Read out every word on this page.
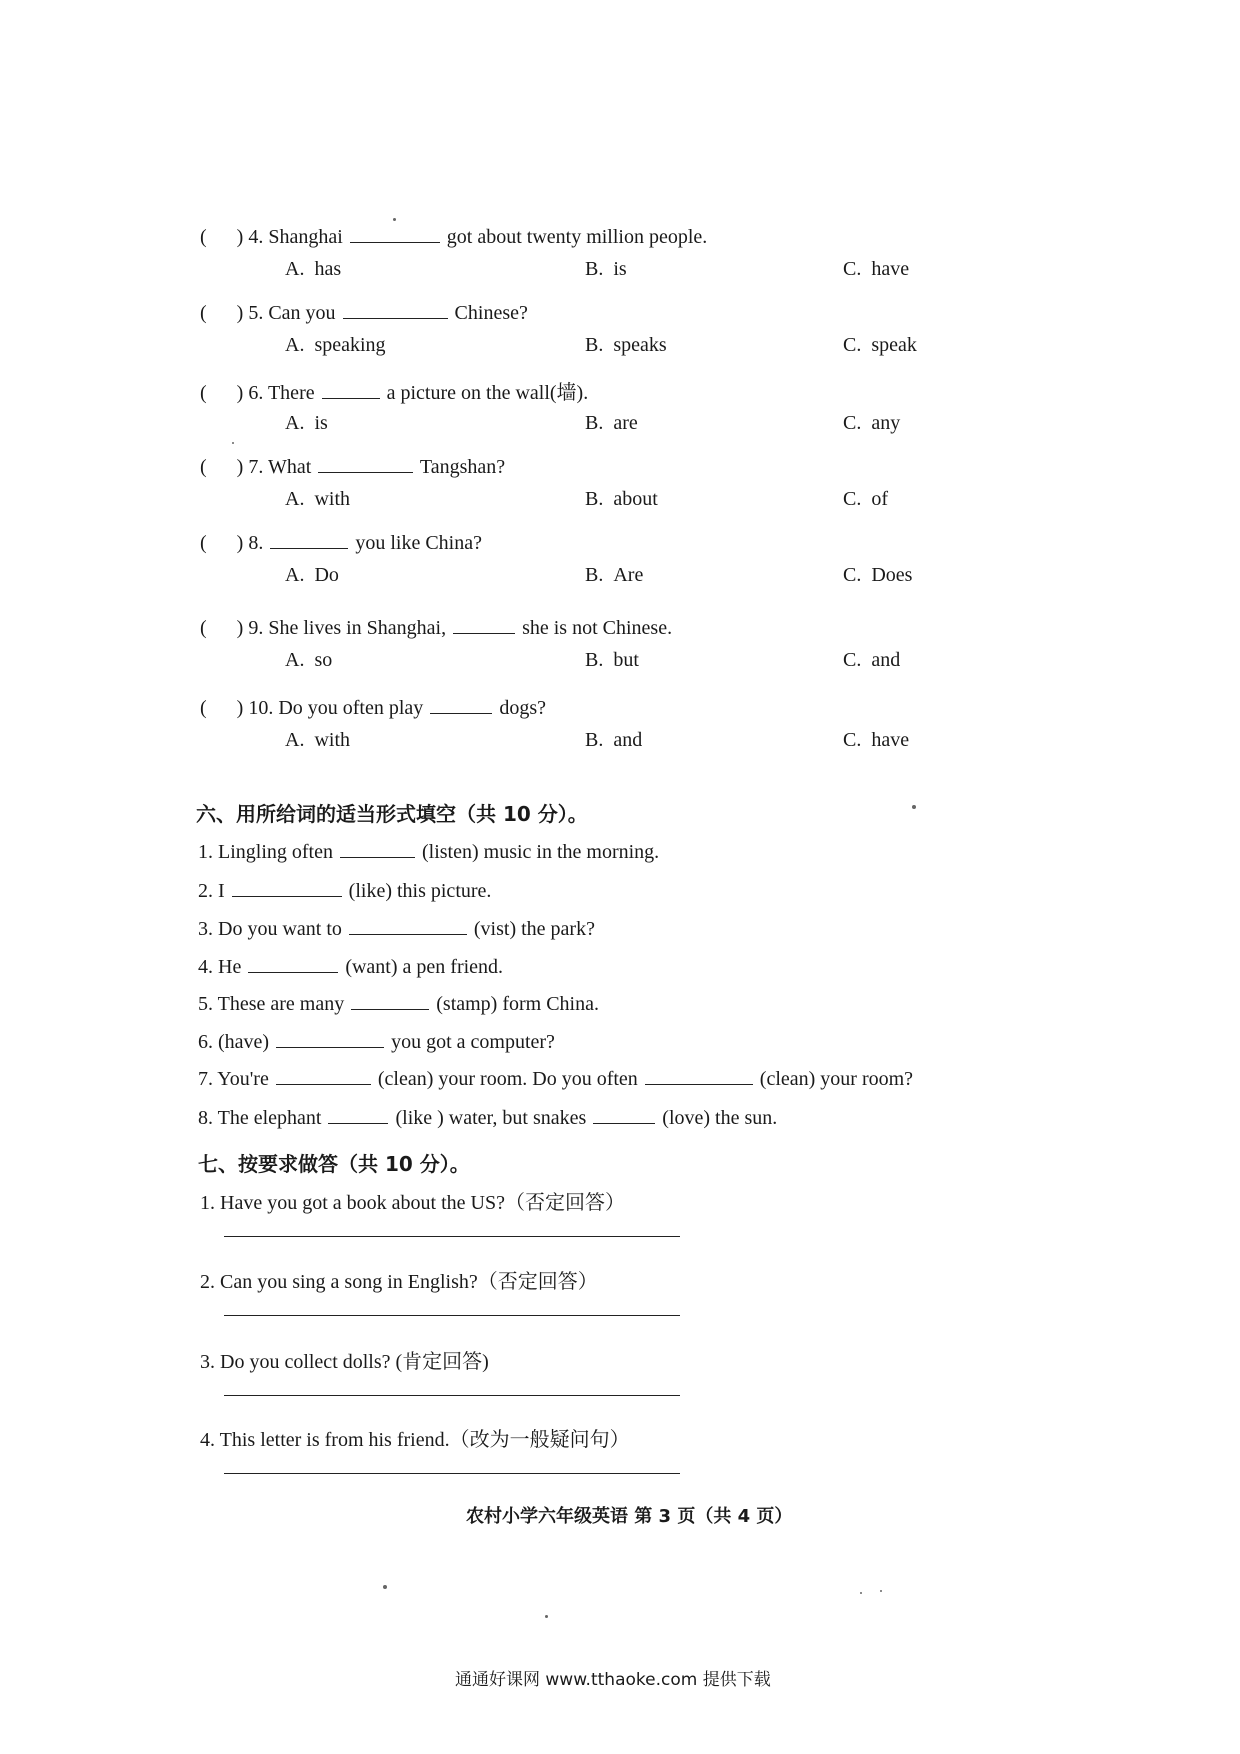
(      ) 4. Shanghai	got about twenty million people.
A. has	B. is	C. have
(      ) 5. Can you	Chinese?
A. speaking	B. speaks	C. speak
(      ) 6. There	a picture on the wall(墙).
A. is	B. are	C. any
(      ) 7. What	Tangshan?
A. with	B. about	C. of
(      ) 8.	you like China?
A. Do	B. Are	C. Does
(      ) 9. She lives in Shanghai,	she is not Chinese.
A. so	B. but	C. and
(      ) 10. Do you often play	dogs?
A. with	B. and	C. have
六、用所给词的适当形式填空（共 10 分）。
1. Lingling often	(listen) music in the morning.
2. I	(like) this picture.
3. Do you want to	(vist) the park?
4. He	(want) a pen friend.
5. These are many	(stamp) form China.
6. (have)	you got a computer?
7. You're	(clean) your room. Do you often	(clean) your room?
8. The elephant	(like ) water, but snakes	(love) the sun.
七、按要求做答（共 10 分）。
1. Have you got a book about the US?（否定回答）
2. Can you sing a song in English?（否定回答）
3. Do you collect dolls? (肯定回答)
4. This letter is from his friend.（改为一般疑问句）
农村小学六年级英语 第 3 页（共 4 页）
通通好课网 www.tthaoke.com 提供下载
